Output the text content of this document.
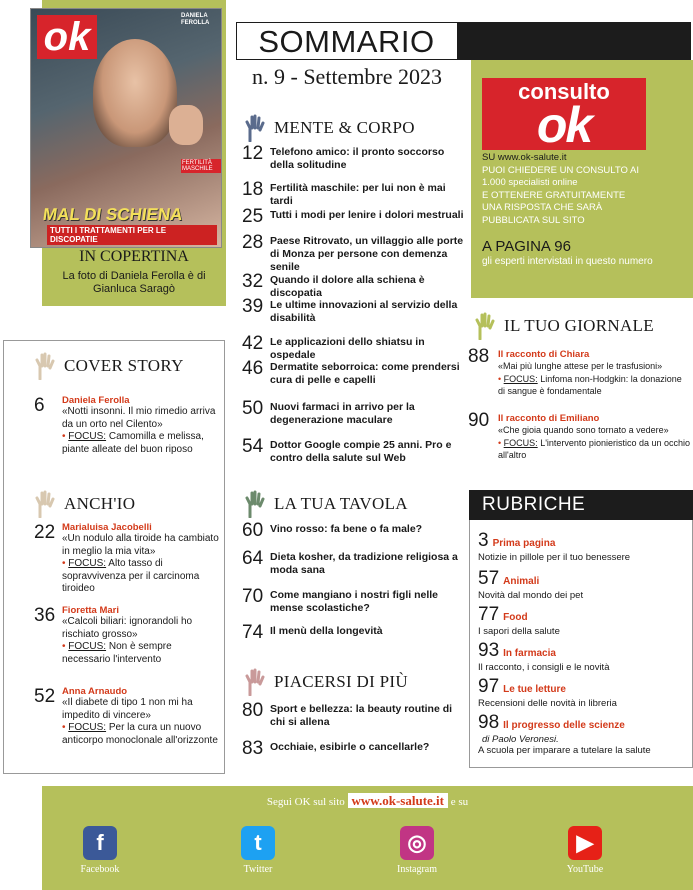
ok	DANIELA FEROLLA
FERTILITÀ MASCHILE
MAL DI SCHIENA
TUTTI I TRATTAMENTI PER LE DISCOPATIE
IN COPERTINA
La foto di Daniela Ferolla è di Gianluca Saragò
SOMMARIO
n. 9 - Settembre 2023
MENTE & CORPO
LA TUA TAVOLA
PIACERSI DI PIÙ
COVER STORY
6 Daniela Ferolla
«Notti insonni. Il mio rimedio arriva da un orto nel Cilento»
• FOCUS: Camomilla e melissa, piante alleate del buon riposo
ANCH'IO
consulto
ok
SU www.ok-salute.it
PUOI CHIEDERE UN CONSULTO AI
1.000 specialisti online
E OTTENERE GRATUITAMENTE
UNA RISPOSTA CHE SARÀ
PUBBLICATA SUL SITO
A PAGINA 96
gli esperti intervistati in questo numero
IL TUO GIORNALE
RUBRICHE
Segui OK sul sito www.ok-salute.it e su
12 Telefono amico: il pronto soccorso della solitudine
18 Fertilità maschile: per lui non è mai tardi
25 Tutti i modi per lenire i dolori mestruali
28 Paese Ritrovato, un villaggio alle porte di Monza per persone con demenza senile
32 Quando il dolore alla schiena è discopatia
39 Le ultime innovazioni al servizio della disabilità
42 Le applicazioni dello shiatsu in ospedale
46 Dermatite seborroica: come prendersi cura di pelle e capelli
50 Nuovi farmaci in arrivo per la degenerazione maculare
54 Dottor Google compie 25 anni. Pro e contro della salute sul Web
60 Vino rosso: fa bene o fa male?
64 Dieta kosher, da tradizione religiosa a moda sana
70 Come mangiano i nostri figli nelle mense scolastiche?
74 Il menù della longevità
80 Sport e bellezza: la beauty routine di chi si allena
83 Occhiaie, esibirle o cancellarle?
22 Marialuisa Jacobelli
«Un nodulo alla tiroide ha cambiato in meglio la mia vita»
• FOCUS: Alto tasso di sopravvivenza per il carcinoma tiroideo
36 Fioretta Mari
«Calcoli biliari: ignorandoli ho rischiato grosso»
• FOCUS: Non è sempre necessario l'intervento
52 Anna Arnaudo
«Il diabete di tipo 1 non mi ha impedito di vincere»
• FOCUS: Per la cura un nuovo anticorpo monoclonale all'orizzonte
88 Il racconto di Chiara
«Mai più lunghe attese per le trasfusioni»
• FOCUS: Linfoma non-Hodgkin: la donazione di sangue è fondamentale
90 Il racconto di Emiliano
«Che gioia quando sono tornato a vedere»
• FOCUS: L'intervento pionieristico da un occhio all'altro
3 Prima pagina
Notizie in pillole per il tuo benessere
57 Animali
Novità dal mondo dei pet
77 Food
I sapori della salute
93 In farmacia
Il racconto, i consigli e le novità
97 Le tue letture
Recensioni delle novità in libreria
98 Il progresso delle scienze
di Paolo Veronesi.
A scuola per imparare a tutelare la salute
f
Facebook
t
Twitter
◎
Instagram
▶
YouTube
